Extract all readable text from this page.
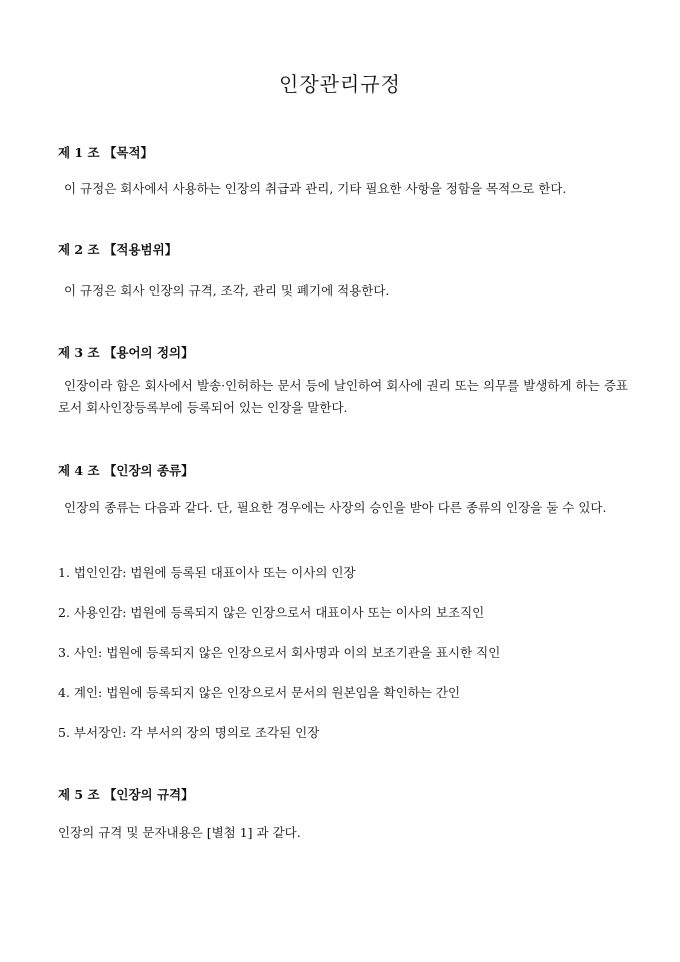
인장관리규정
제 1 조 【목적】
이 규정은 회사에서 사용하는 인장의 취급과 관리, 기타 필요한 사항을 정함을 목적으로 한다.
제 2 조 【적용범위】
이 규정은 회사 인장의 규격, 조각, 관리 및 폐기에 적용한다.
제 3 조 【용어의 정의】
인장이라 함은 회사에서 발송·인허하는 문서 등에 날인하여 회사에 권리 또는 의무를 발생하게 하는 증표로서 회사인장등록부에 등록되어 있는 인장을 말한다.
제 4 조 【인장의 종류】
인장의 종류는 다음과 같다. 단, 필요한 경우에는 사장의 승인을 받아 다른 종류의 인장을 둘 수 있다.
1. 법인인감: 법원에 등록된 대표이사 또는 이사의 인장
2. 사용인감: 법원에 등록되지 않은 인장으로서 대표이사 또는 이사의 보조직인
3. 사인: 법원에 등록되지 않은 인장으로서 회사명과 이의 보조기관을 표시한 직인
4. 계인: 법원에 등록되지 않은 인장으로서 문서의 원본임을 확인하는 간인
5. 부서장인: 각 부서의 장의 명의로 조각된 인장
제 5 조 【인장의 규격】
인장의 규격 및 문자내용은 [별첨 1] 과 같다.
